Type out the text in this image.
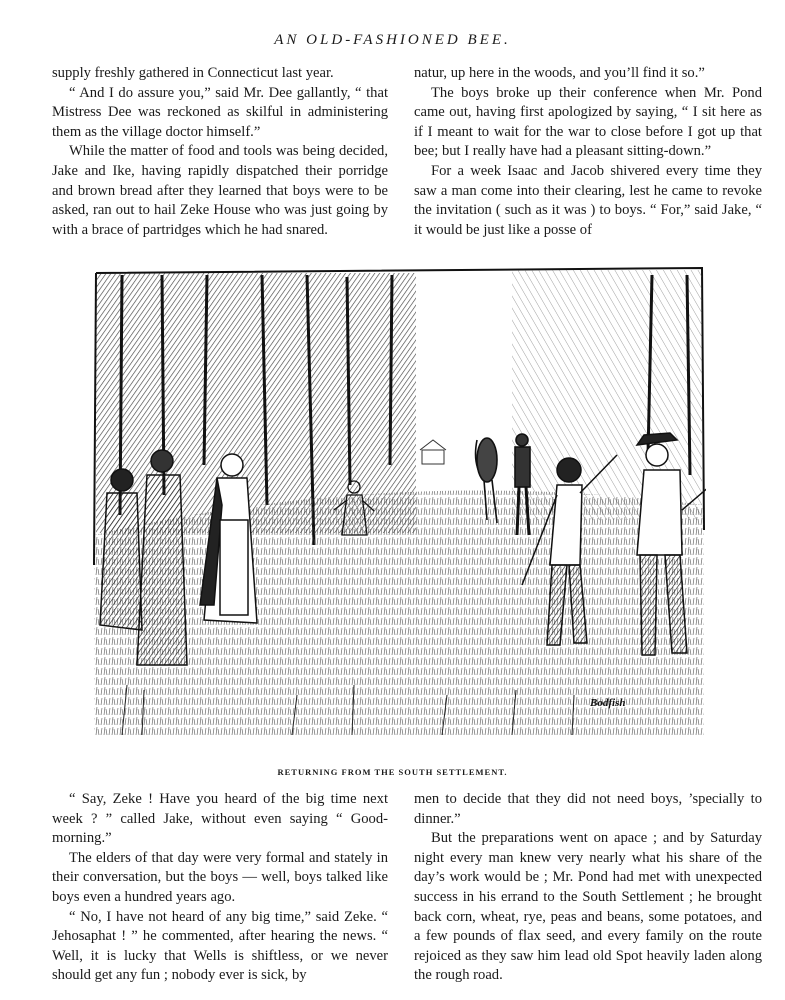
AN OLD-FASHIONED BEE.

supply freshly gathered in Connecticut last year.

“ And I do assure you,” said Mr. Dee gallantly, “ that Mistress Dee was reckoned as skilful in administering them as the village doctor himself.”

While the matter of food and tools was being decided, Jake and Ike, having rapidly dispatched their porridge and brown bread after they learned that boys were to be asked, ran out to hail Zeke House who was just going by with a brace of partridges which he had snared.

natur, up here in the woods, and you’ll find it so.”

The boys broke up their conference when Mr. Pond came out, having first apologized by saying, “ I sit here as if I meant to wait for the war to close before I got up that bee; but I really have had a pleasant sitting-down.”

For a week Isaac and Jacob shivered every time they saw a man come into their clearing, lest he came to revoke the invitation ( such as it was ) to boys. “ For,” said Jake, “ it would be just like a posse of

Bodfish
RETURNING FROM THE SOUTH SETTLEMENT.

“ Say, Zeke ! Have you heard of the big time next week ? ” called Jake, without even saying “ Good-morning.”

The elders of that day were very formal and stately in their conversation, but the boys — well, boys talked like boys even a hundred years ago.

“ No, I have not heard of any big time,” said Zeke. “ Jehosaphat ! ” he commented, after hearing the news. “ Well, it is lucky that Wells is shiftless, or we never should get any fun ; nobody ever is sick, by

men to decide that they did not need boys, ’specially to dinner.”

But the preparations went on apace ; and by Saturday night every man knew very nearly what his share of the day’s work would be ; Mr. Pond had met with unexpected success in his errand to the South Settlement ; he brought back corn, wheat, rye, peas and beans, some potatoes, and a few pounds of flax seed, and every family on the route rejoiced as they saw him lead old Spot heavily laden along the rough road.
